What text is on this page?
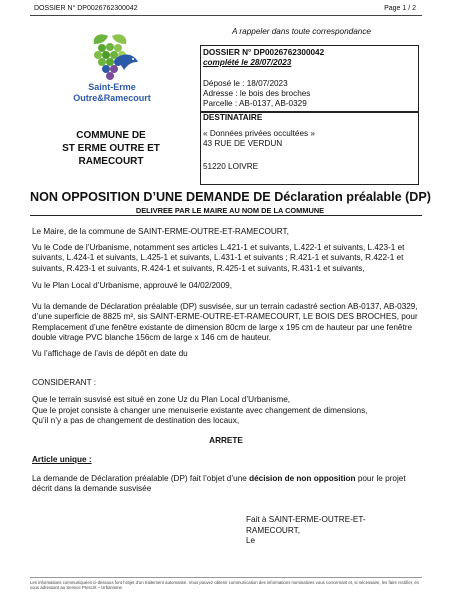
DOSSIER N° DP0026762300042	Page 1 / 2
A rappeler dans toute correspondance
Saint-Erme
Outre&Ramecourt
COMMUNE DE
ST ERME OUTRE ET
RAMECOURT

DOSSIER N° DP0026762300042

complété le 28/07/2023

Déposé le : 18/07/2023

Adresse : le bois des broches

Parcelle : AB-0137, AB-0329

DESTINATAIRE

« Données privées occultées »

43 RUE DE VERDUN

51220 LOIVRE

NON OPPOSITION D’UNE DEMANDE DE Déclaration préalable (DP)
DELIVREE PAR LE MAIRE AU NOM DE LA COMMUNE

Le Maire, de la commune de SAINT-ERME-OUTRE-ET-RAMECOURT,

Vu le Code de l’Urbanisme, notamment ses articles L.421-1 et suivants, L.422-1 et suivants, L.423-1 et suivants, L.424-1 et suivants, L.425-1 et suivants, L.431-1 et suivants ; R.421-1 et suivants, R.422-1 et suivants, R.423-1 et suivants, R.424-1 et suivants, R.425-1 et suivants, R.431-1 et suivants,

Vu le Plan Local d’Urbanisme, approuvé le 04/02/2009,

Vu la demande de Déclaration préalable (DP) susvisée, sur un terrain cadastré section AB-0137, AB-0329, d’une superficie de 8825 m², sis SAINT-ERME-OUTRE-ET-RAMECOURT, LE BOIS DES BROCHES, pour Remplacement d’une fenêtre existante de dimension 80cm de large x 195 cm de hauteur par une fenêtre double vitrage PVC blanche 156cm de large x 146 cm de hauteur.

Vu l’affichage de l’avis de dépôt en date du

CONSIDERANT :

Que le terrain susvisé est situé en zone Uz du Plan Local d’Urbanisme,

Que le projet consiste à changer une menuiserie existante avec changement de dimensions,

Qu’il n’y a pas de changement de destination des locaux,

ARRETE

Article unique :

La demande de Déclaration préalable (DP) fait l’objet d’une décision de non opposition pour le projet décrit dans la demande susvisée

Fait à SAINT-ERME-OUTRE-ET-

RAMECOURT,

Le

Les informations communiquées ci-dessous font l’objet d’un traitement automatisé. Vous pouvez obtenir communication des informations nominatives vous concernant et, si nécessaire, les faire rectifier, en vous adressant au Service Prescrit – Urbanisme.
